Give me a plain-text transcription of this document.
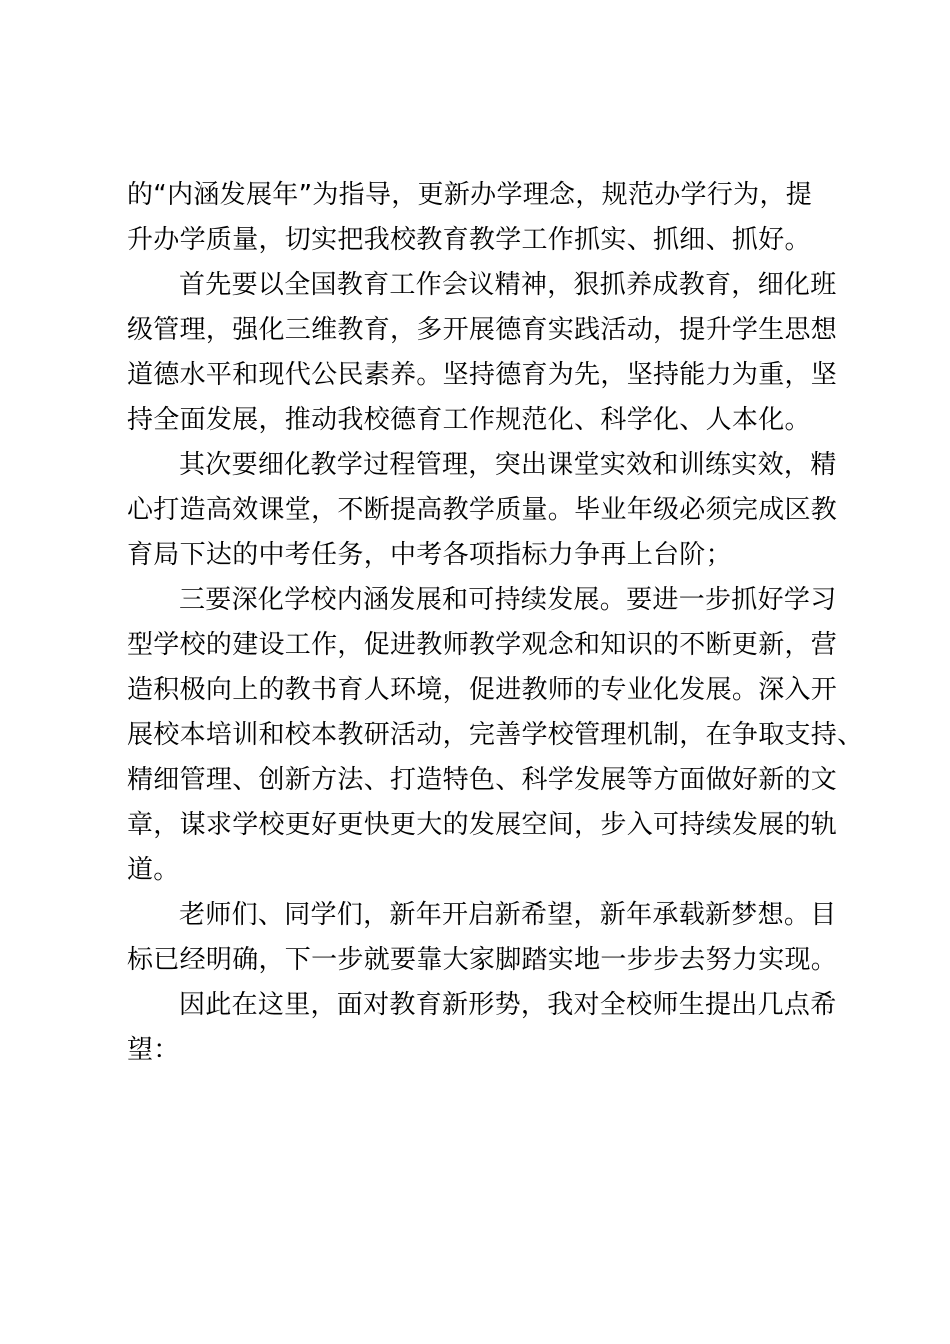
的“内涵发展年”为指导，更新办学理念，规范办学行为，提
升办学质量，切实把我校教育教学工作抓实、抓细、抓好。
首先要以全国教育工作会议精神，狠抓养成教育，细化班
级管理，强化三维教育，多开展德育实践活动，提升学生思想
道德水平和现代公民素养。坚持德育为先，坚持能力为重，坚
持全面发展，推动我校德育工作规范化、科学化、人本化。
其次要细化教学过程管理，突出课堂实效和训练实效，精
心打造高效课堂，不断提高教学质量。毕业年级必须完成区教
育局下达的中考任务，中考各项指标力争再上台阶；
三要深化学校内涵发展和可持续发展。要进一步抓好学习
型学校的建设工作，促进教师教学观念和知识的不断更新，营
造积极向上的教书育人环境，促进教师的专业化发展。深入开
展校本培训和校本教研活动，完善学校管理机制，在争取支持、
精细管理、创新方法、打造特色、科学发展等方面做好新的文
章，谋求学校更好更快更大的发展空间，步入可持续发展的轨
道。
老师们、同学们，新年开启新希望，新年承载新梦想。目
标已经明确，下一步就要靠大家脚踏实地一步步去努力实现。
因此在这里，面对教育新形势，我对全校师生提出几点希
望：
